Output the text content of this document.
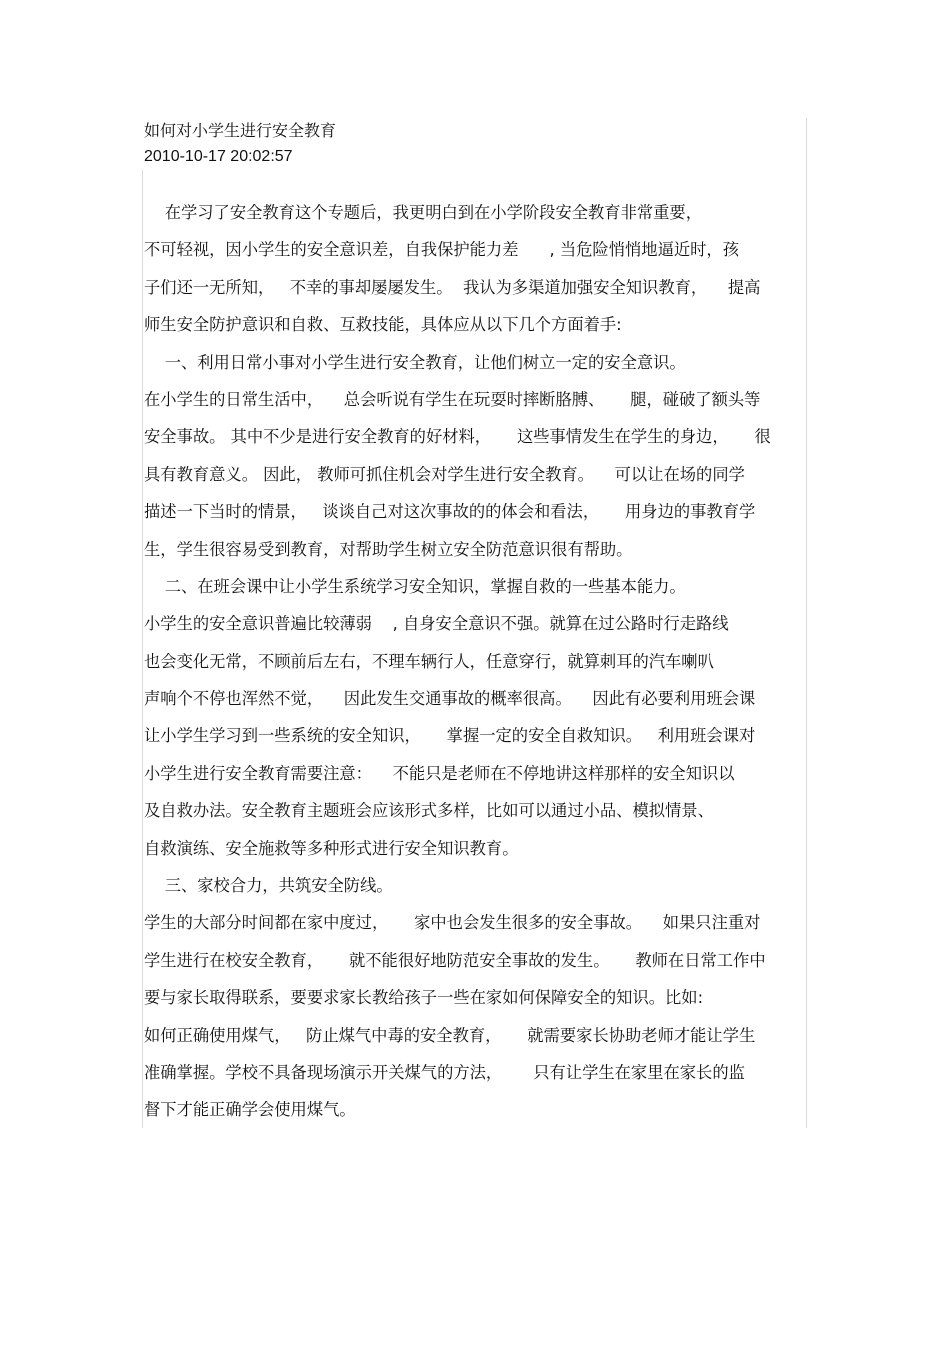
如何对小学生进行安全教育
2010-10-17 20:02:57
在学习了安全教育这个专题后，我更明白到在小学阶段安全教育非常重要，
不可轻视，因小学生的安全意识差，自我保护能力差      , 当危险悄悄地逼近时，孩
子们还一无所知，   不幸的事却屡屡发生。  我认为多渠道加强安全知识教育，    提高
师生安全防护意识和自救、互救技能，具体应从以下几个方面着手:
一、利用日常小事对小学生进行安全教育，让他们树立一定的安全意识。
在小学生的日常生活中，    总会听说有学生在玩耍时摔断胳膊、     腿，碰破了额头等
安全事故。 其中不少是进行安全教育的好材料，     这些事情发生在学生的身边，     很
具有教育意义。 因此， 教师可抓住机会对学生进行安全教育。    可以让在场的同学
描述一下当时的情景，   谈谈自己对这次事故的的体会和看法，     用身边的事教育学
生，学生很容易受到教育，对帮助学生树立安全防范意识很有帮助。
二、在班会课中让小学生系统学习安全知识，掌握自救的一些基本能力。
小学生的安全意识普遍比较薄弱    , 自身安全意识不强。就算在过公路时行走路线
也会变化无常，不顾前后左右，不理车辆行人，任意穿行，就算刺耳的汽车喇叭
声响个不停也浑然不觉，    因此发生交通事故的概率很高。    因此有必要利用班会课
让小学生学习到一些系统的安全知识，     掌握一定的安全自救知识。   利用班会课对
小学生进行安全教育需要注意：    不能只是老师在不停地讲这样那样的安全知识以
及自救办法。安全教育主题班会应该形式多样，比如可以通过小品、模拟情景、
自救演练、安全施救等多种形式进行安全知识教育。
三、家校合力，共筑安全防线。
学生的大部分时间都在家中度过，     家中也会发生很多的安全事故。    如果只注重对
学生进行在校安全教育，     就不能很好地防范安全事故的发生。     教师在日常工作中
要与家长取得联系，要要求家长教给孩子一些在家如何保障安全的知识。比如:
如何正确使用煤气，   防止煤气中毒的安全教育，     就需要家长协助老师才能让学生
准确掌握。学校不具备现场演示开关煤气的方法，      只有让学生在家里在家长的监
督下才能正确学会使用煤气。
